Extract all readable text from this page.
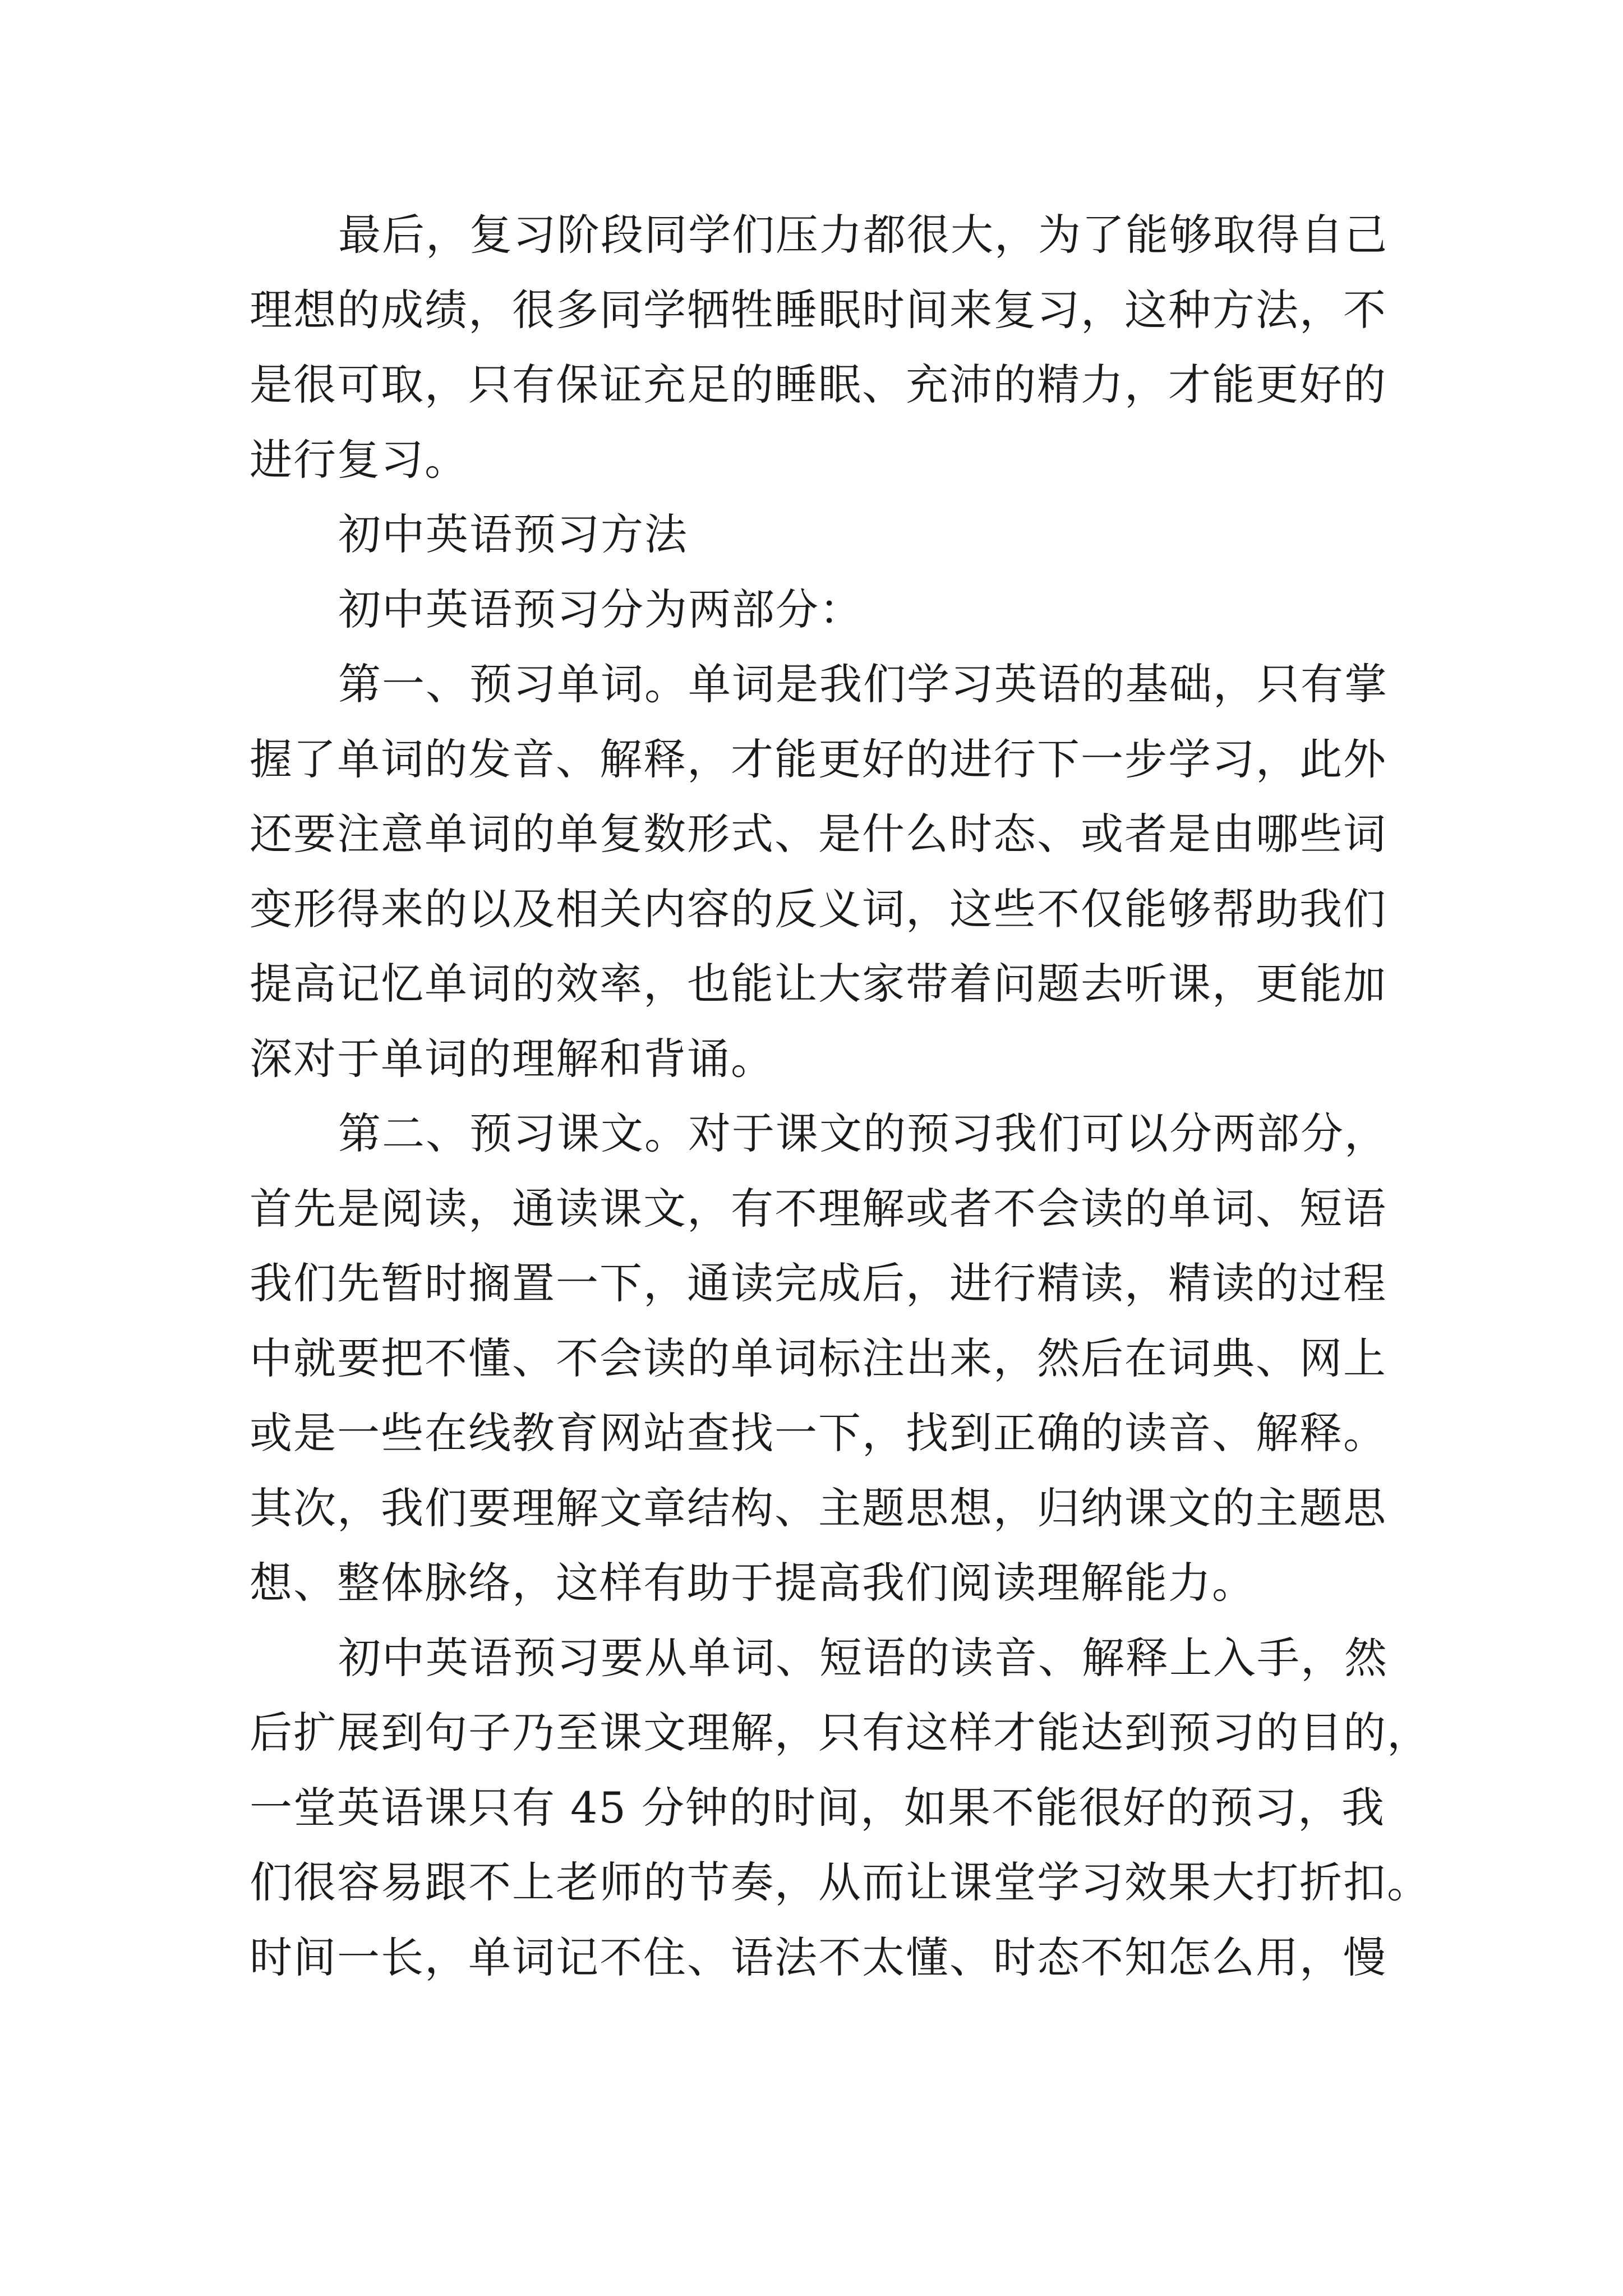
最后，复习阶段同学们压力都很大，为了能够取得自己
理想的成绩，很多同学牺牲睡眠时间来复习，这种方法，不
是很可取，只有保证充足的睡眠、充沛的精力，才能更好的
进行复习。
初中英语预习方法
初中英语预习分为两部分：
第一、预习单词。单词是我们学习英语的基础，只有掌
握了单词的发音、解释，才能更好的进行下一步学习，此外
还要注意单词的单复数形式、是什么时态、或者是由哪些词
变形得来的以及相关内容的反义词，这些不仅能够帮助我们
提高记忆单词的效率，也能让大家带着问题去听课，更能加
深对于单词的理解和背诵。
第二、预习课文。对于课文的预习我们可以分两部分，
首先是阅读，通读课文，有不理解或者不会读的单词、短语
我们先暂时搁置一下，通读完成后，进行精读，精读的过程
中就要把不懂、不会读的单词标注出来，然后在词典、网上
或是一些在线教育网站查找一下，找到正确的读音、解释。
其次，我们要理解文章结构、主题思想，归纳课文的主题思
想、整体脉络，这样有助于提高我们阅读理解能力。
初中英语预习要从单词、短语的读音、解释上入手，然
后扩展到句子乃至课文理解，只有这样才能达到预习的目的，
一堂英语课只有 45 分钟的时间，如果不能很好的预习，我
们很容易跟不上老师的节奏，从而让课堂学习效果大打折扣。
时间一长，单词记不住、语法不太懂、时态不知怎么用，慢
